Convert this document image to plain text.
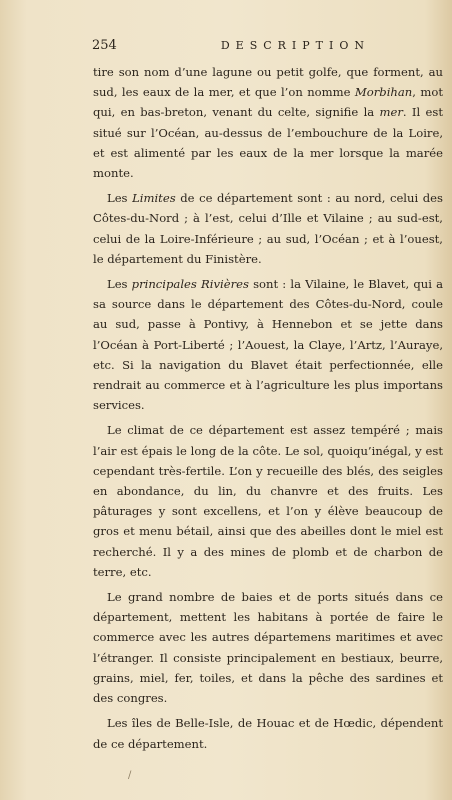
254	DESCRIPTION

tire son nom d’une lagune ou petit golfe, que forment, au sud, les eaux de la mer, et que l’on nomme Morbihan, mot qui, en bas-breton, venant du celte, signifie la mer. Il est situé sur l’Océan, au-dessus de l’embouchure de la Loire, et est alimenté par les eaux de la mer lorsque la marée monte.

Les Limites de ce département sont : au nord, celui des Côtes-du-Nord ; à l’est, celui d’Ille et Vilaine ; au sud-est, celui de la Loire-Inférieure ; au sud, l’Océan ; et à l’ouest, le département du Finistère.

Les principales Rivières sont : la Vilaine, le Blavet, qui a sa source dans le département des Côtes-du-Nord, coule au sud, passe à Pontivy, à Hennebon et se jette dans l’Océan à Port-Liberté ; l’Aouest, la Claye, l’Artz, l’Auraye, etc. Si la navigation du Blavet était perfectionnée, elle rendrait au commerce et à l’agriculture les plus importans services.

Le climat de ce département est assez tempéré ; mais l’air est épais le long de la côte. Le sol, quoiqu’inégal, y est cependant très-fertile. L’on y recueille des blés, des seigles en abondance, du lin, du chanvre et des fruits. Les pâturages y sont excellens, et l’on y élève beaucoup de gros et menu bétail, ainsi que des abeilles dont le miel est recherché. Il y a des mines de plomb et de charbon de terre, etc.

Le grand nombre de baies et de ports situés dans ce département, mettent les habitans à portée de faire le commerce avec les autres départemens maritimes et avec l’étranger. Il consiste principalement en bestiaux, beurre, grains, miel, fer, toiles, et dans la pêche des sardines et des congres.

Les îles de Belle-Isle, de Houac et de Hœdic, dépendent de ce département.

/
